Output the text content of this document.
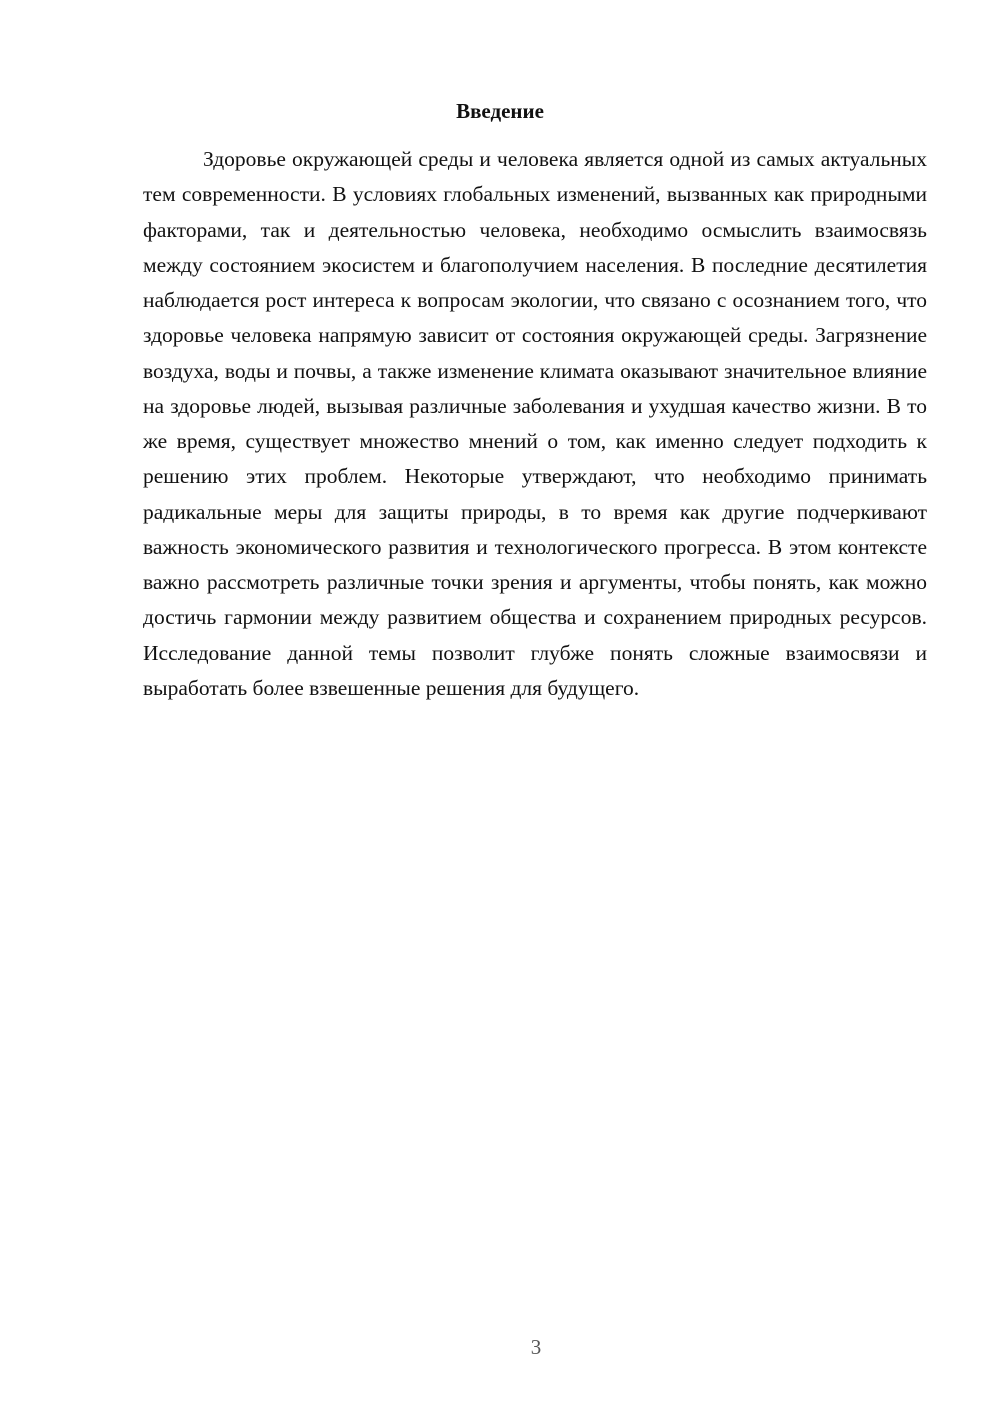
Введение

Здоровье окружающей среды и человека является одной из самых актуальных тем современности. В условиях глобальных изменений, вызванных как природными факторами, так и деятельностью человека, необходимо осмыслить взаимосвязь между состоянием экосистем и благополучием населения. В последние десятилетия наблюдается рост интереса к вопросам экологии, что связано с осознанием того, что здоровье человека напрямую зависит от состояния окружающей среды. Загрязнение воздуха, воды и почвы, а также изменение климата оказывают значительное влияние на здоровье людей, вызывая различные заболевания и ухудшая качество жизни. В то же время, существует множество мнений о том, как именно следует подходить к решению этих проблем. Некоторые утверждают, что необходимо принимать радикальные меры для защиты природы, в то время как другие подчеркивают важность экономического развития и технологического прогресса. В этом контексте важно рассмотреть различные точки зрения и аргументы, чтобы понять, как можно достичь гармонии между развитием общества и сохранением природных ресурсов. Исследование данной темы позволит глубже понять сложные взаимосвязи и выработать более взвешенные решения для будущего.

3
